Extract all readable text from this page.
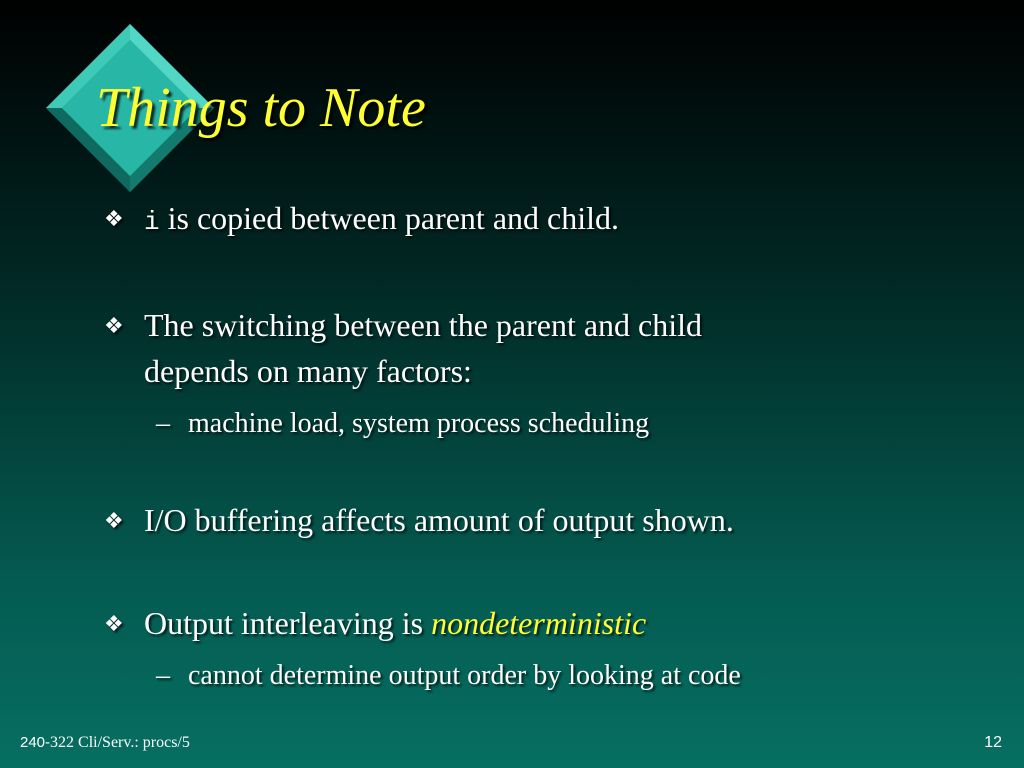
Things to Note
❖ i is copied between parent and child.
❖ The switching between the parent and child
depends on many factors:
– machine load, system process scheduling
❖ I/O buffering affects amount of output shown.
❖ Output interleaving is nondeterministic
– cannot determine output order by looking at code
240-322 Cli/Serv.: procs/5	12
